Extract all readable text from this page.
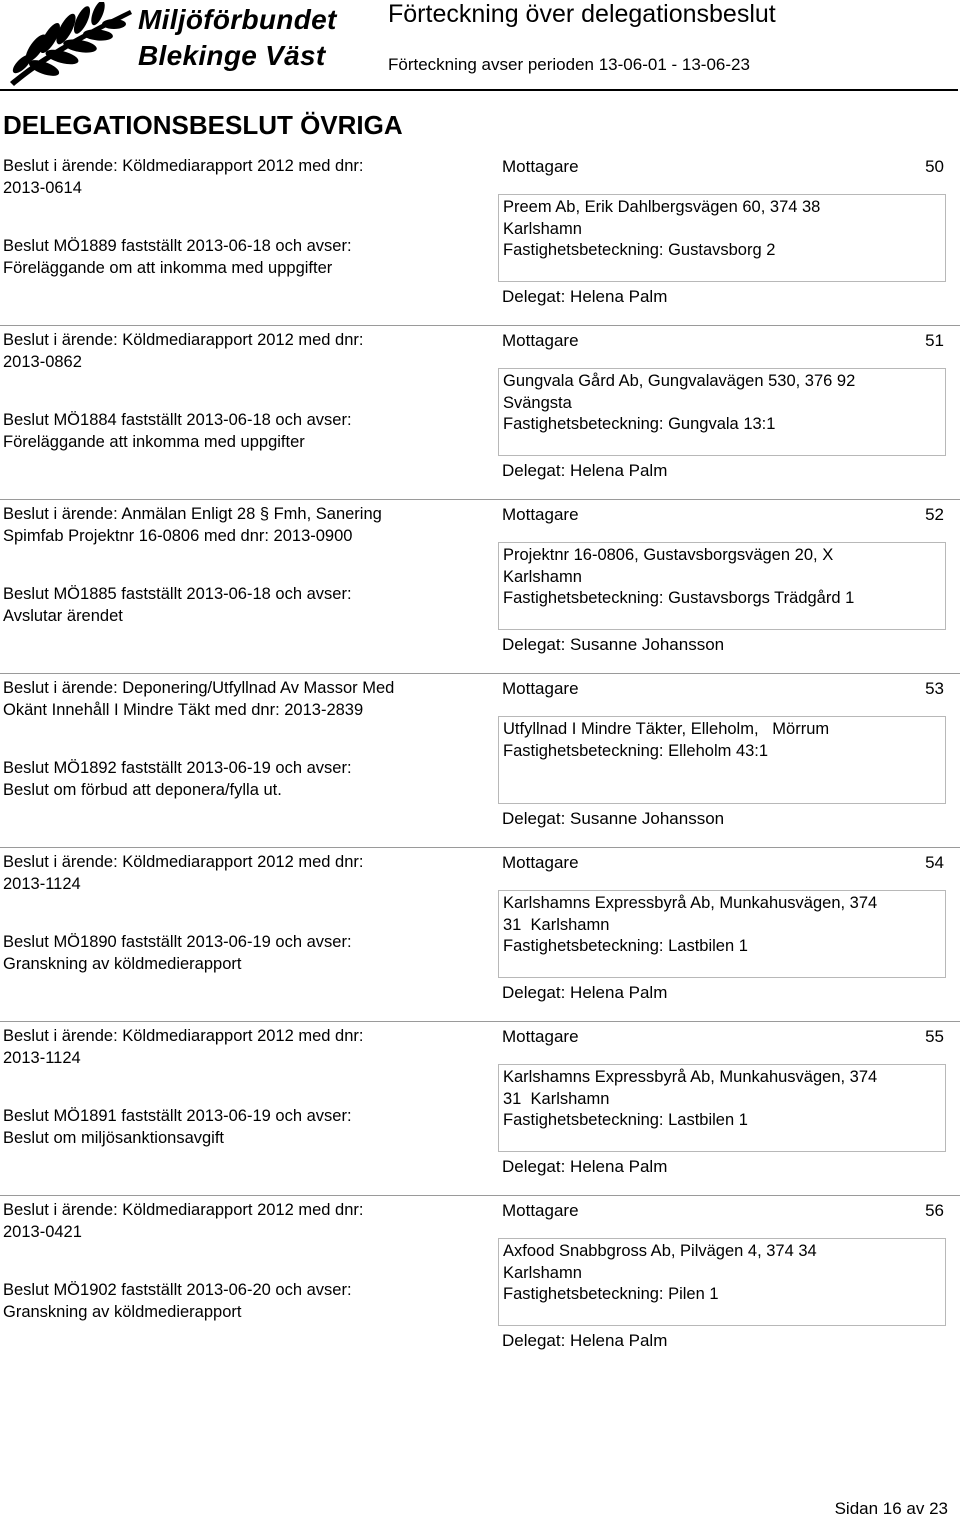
Miljöförbundet
Blekinge Väst
Förteckning över delegationsbeslut
Förteckning avser perioden 13-06-01 - 13-06-23
DELEGATIONSBESLUT ÖVRIGA
Beslut i ärende: Köldmediarapport 2012 med dnr:
2013-0614
Beslut MÖ1889 fastställt 2013-06-18 och avser:
Föreläggande om att inkomma med uppgifter
Mottagare	50
Preem Ab, Erik Dahlbergsvägen 60, 374 38
Karlshamn
Fastighetsbeteckning: Gustavsborg 2
Delegat: Helena Palm
Beslut i ärende: Köldmediarapport 2012 med dnr:
2013-0862
Beslut MÖ1884 fastställt 2013-06-18 och avser:
Föreläggande att inkomma med uppgifter
Mottagare	51
Gungvala Gård Ab, Gungvalavägen 530, 376 92
Svängsta
Fastighetsbeteckning: Gungvala 13:1
Delegat: Helena Palm
Beslut i ärende: Anmälan Enligt 28 § Fmh, Sanering
Spimfab Projektnr 16-0806 med dnr: 2013-0900
Beslut MÖ1885 fastställt 2013-06-18 och avser:
Avslutar ärendet
Mottagare	52
Projektnr 16-0806, Gustavsborgsvägen 20, X
Karlshamn
Fastighetsbeteckning: Gustavsborgs Trädgård 1
Delegat: Susanne Johansson
Beslut i ärende: Deponering/Utfyllnad Av Massor Med
Okänt Innehåll I Mindre Täkt med dnr: 2013-2839
Beslut MÖ1892 fastställt 2013-06-19 och avser:
Beslut om förbud att deponera/fylla ut.
Mottagare	53
Utfyllnad I Mindre Täkter, Elleholm,   Mörrum
Fastighetsbeteckning: Elleholm 43:1
Delegat: Susanne Johansson
Beslut i ärende: Köldmediarapport 2012 med dnr:
2013-1124
Beslut MÖ1890 fastställt 2013-06-19 och avser:
Granskning av köldmedierapport
Mottagare	54
Karlshamns Expressbyrå Ab, Munkahusvägen, 374
31  Karlshamn
Fastighetsbeteckning: Lastbilen 1
Delegat: Helena Palm
Beslut i ärende: Köldmediarapport 2012 med dnr:
2013-1124
Beslut MÖ1891 fastställt 2013-06-19 och avser:
Beslut om miljösanktionsavgift
Mottagare	55
Karlshamns Expressbyrå Ab, Munkahusvägen, 374
31  Karlshamn
Fastighetsbeteckning: Lastbilen 1
Delegat: Helena Palm
Beslut i ärende: Köldmediarapport 2012 med dnr:
2013-0421
Beslut MÖ1902 fastställt 2013-06-20 och avser:
Granskning av köldmedierapport
Mottagare	56
Axfood Snabbgross Ab, Pilvägen 4, 374 34
Karlshamn
Fastighetsbeteckning: Pilen 1
Delegat: Helena Palm
Sidan 16 av 23
